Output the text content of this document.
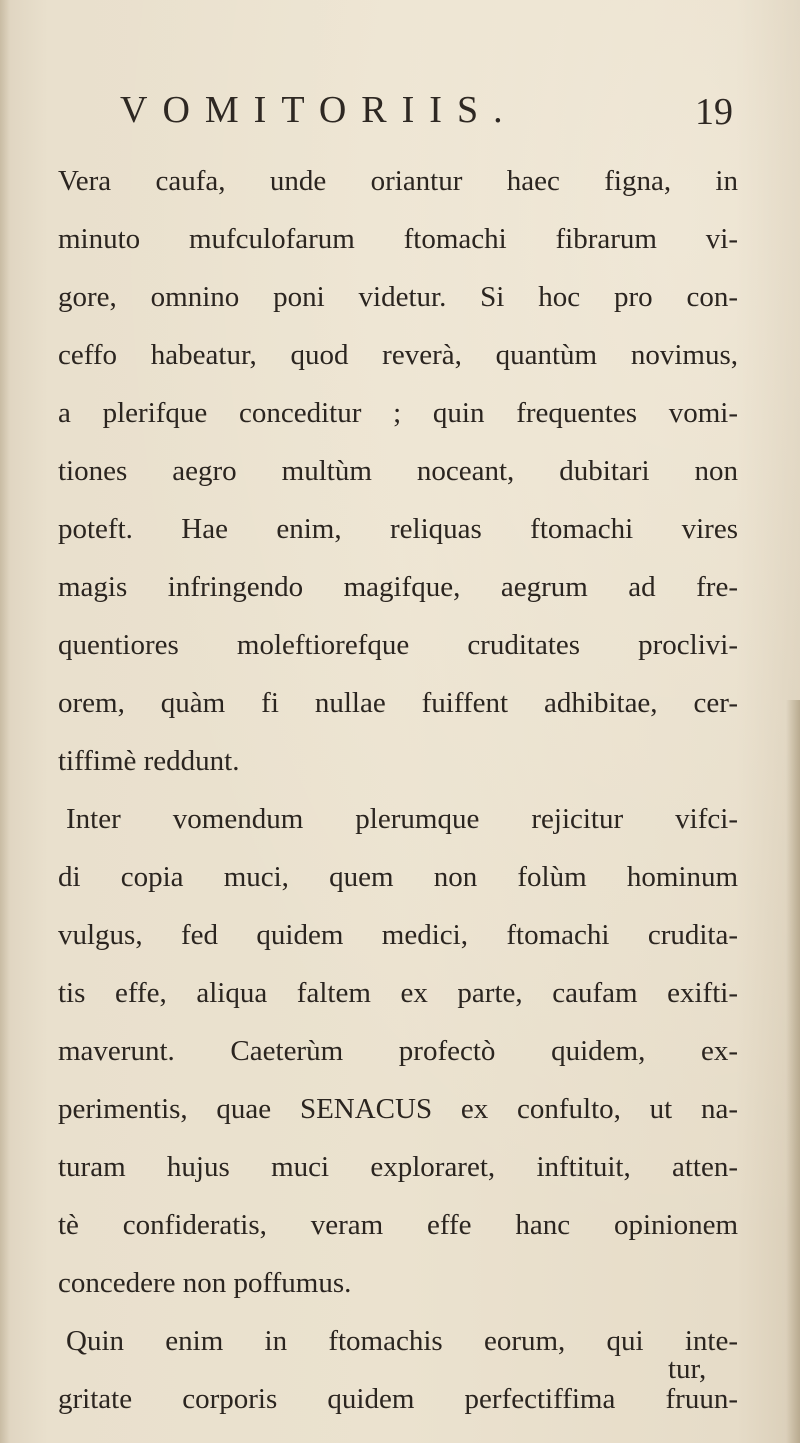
VOMITORIIS.	19
Vera caufa, unde oriantur haec figna, in
minuto mufculofarum ftomachi fibrarum vi-
gore, omnino poni videtur. Si hoc pro con-
ceffo habeatur, quod reverà, quantùm novimus,
a plerifque conceditur ; quin frequentes vomi-
tiones aegro multùm noceant, dubitari non
poteft. Hae enim, reliquas ftomachi vires
magis infringendo magifque, aegrum ad fre-
quentiores moleftiorefque cruditates proclivi-
orem, quàm fi nullae fuiffent adhibitae, cer-
tiffimè reddunt.
Inter vomendum plerumque rejicitur vifci-
di copia muci, quem non folùm hominum
vulgus, fed quidem medici, ftomachi crudita-
tis effe, aliqua faltem ex parte, caufam exifti-
maverunt. Caeterùm profectò quidem, ex-
perimentis, quae SENACUS ex confulto, ut na-
turam hujus muci exploraret, inftituit, atten-
tè confideratis, veram effe hanc opinionem
concedere non poffumus.
Quin enim in ftomachis eorum, qui inte-
gritate corporis quidem perfectiffima fruun-
tur,
